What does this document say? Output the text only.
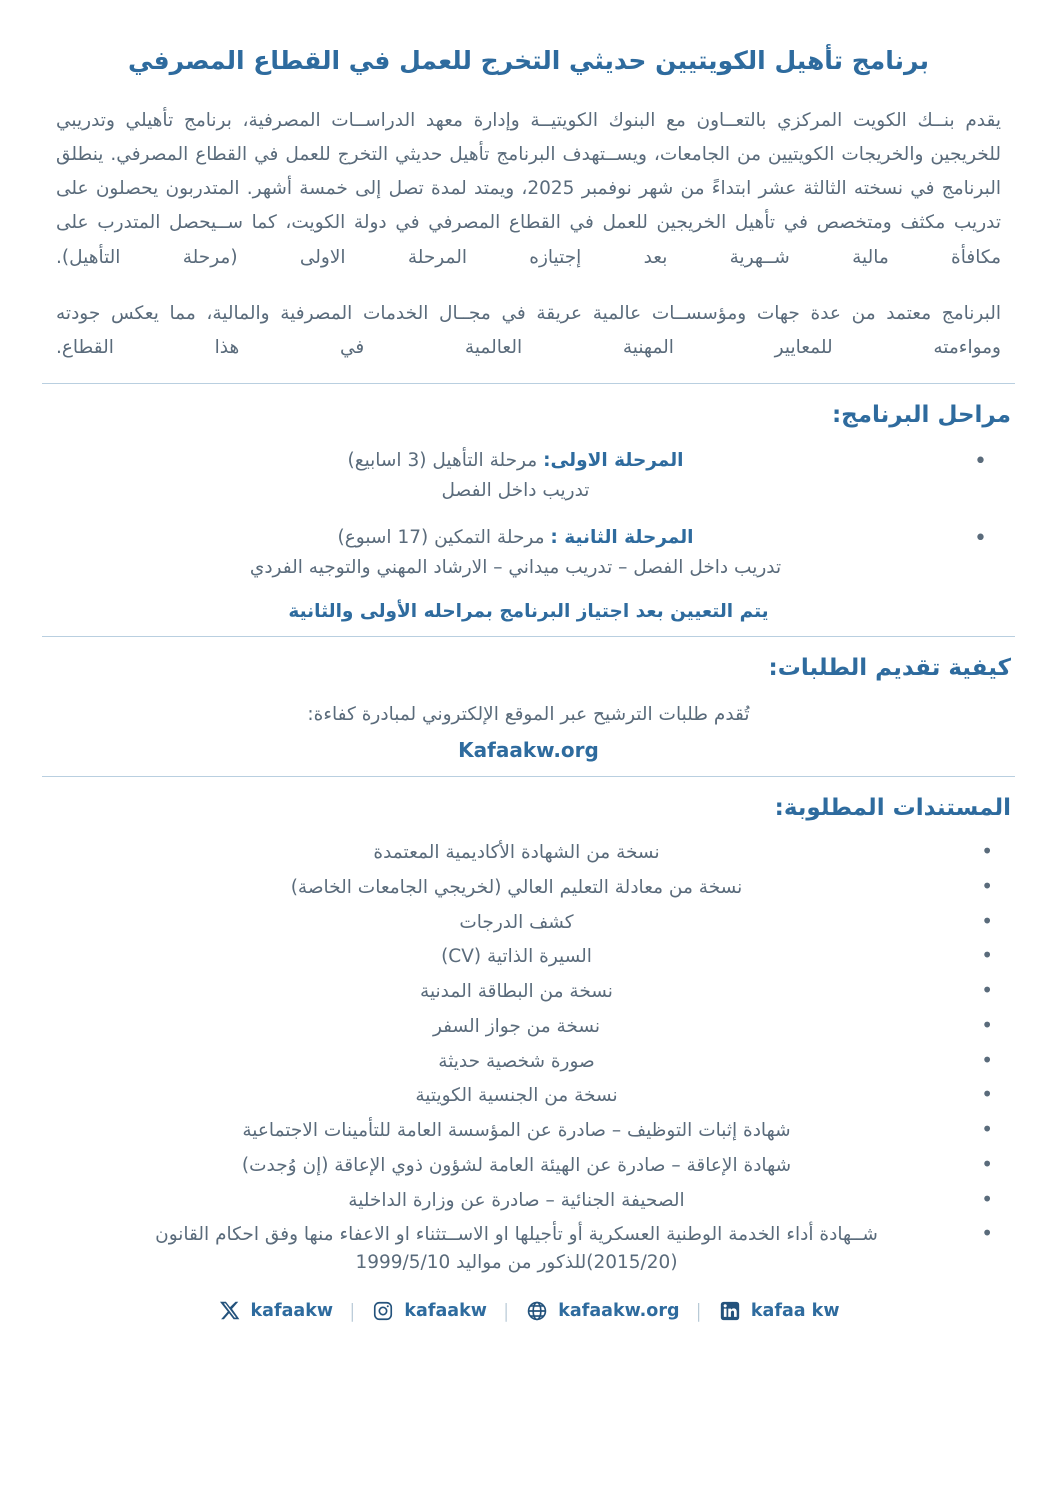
برنامج تأهيل الكويتيين حديثي التخرج للعمل في القطاع المصرفي

يقدم بنــك الكويت المركزي بالتعــاون مع البنوك الكويتيــة وإدارة معهد الدراســات المصرفية، برنامج تأهيلي وتدريبي للخريجين والخريجات الكويتيين من الجامعات، ويســتهدف البرنامج تأهيل حديثي التخرج للعمل في القطاع المصرفي. ينطلق البرنامج في نسخته الثالثة عشر ابتداءً من شهر نوفمبر 2025، ويمتد لمدة تصل إلى خمسة أشهر. المتدربون يحصلون على تدريب مكثف ومتخصص في تأهيل الخريجين للعمل في القطاع المصرفي في دولة الكويت، كما ســيحصل المتدرب على مكافأة مالية شــهرية بعد إجتيازه المرحلة الاولى (مرحلة التأهيل).

البرنامج معتمد من عدة جهات ومؤسســات عالمية عريقة في مجــال الخدمات المصرفية والمالية، مما يعكس جودته ومواءمته للمعايير المهنية العالمية في هذا القطاع.

مراحل البرنامج:
• المرحلة الاولى: مرحلة التأهيل (3 اسابيع)
تدريب داخل الفصل
• المرحلة الثانية : مرحلة التمكين (17 اسبوع)
تدريب داخل الفصل – تدريب ميداني – الارشاد المهني والتوجيه الفردي

يتم التعيين بعد اجتياز البرنامج بمراحله الأولى والثانية

كيفية تقديم الطلبات:

تُقدم طلبات الترشيح عبر الموقع الإلكتروني لمبادرة كفاءة:

Kafaakw.org
المستندات المطلوبة:
• نسخة من الشهادة الأكاديمية المعتمدة
• نسخة من معادلة التعليم العالي (لخريجي الجامعات الخاصة)
• كشف الدرجات
• السيرة الذاتية (CV)
• نسخة من البطاقة المدنية
• نسخة من جواز السفر
• صورة شخصية حديثة
• نسخة من الجنسية الكويتية
• شهادة إثبات التوظيف – صادرة عن المؤسسة العامة للتأمينات الاجتماعية
• شهادة الإعاقة – صادرة عن الهيئة العامة لشؤون ذوي الإعاقة (إن وُجدت)
• الصحيفة الجنائية – صادرة عن وزارة الداخلية
• شــهادة أداء الخدمة الوطنية العسكرية أو تأجيلها او الاســتثناء او الاعفاء منها وفق احكام القانون
(2015/20)للذكور من مواليد 1999/5/10
kafaakw |	kafaakw |	kafaakw.org |	kafaa kw
